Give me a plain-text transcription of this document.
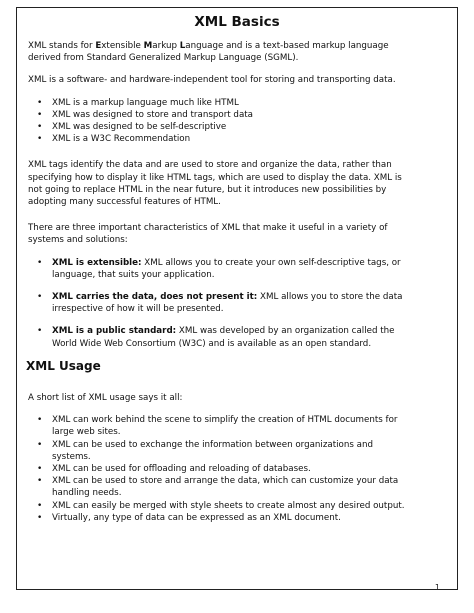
XML Basics

XML stands for Extensible Markup Language and is a text-based markup language derived from Standard Generalized Markup Language (SGML).

XML is a software- and hardware-independent tool for storing and transporting data.

• XML is a markup language much like HTML
• XML was designed to store and transport data
• XML was designed to be self-descriptive
• XML is a W3C Recommendation

XML tags identify the data and are used to store and organize the data, rather than specifying how to display it like HTML tags, which are used to display the data. XML is not going to replace HTML in the near future, but it introduces new possibilities by adopting many successful features of HTML.

There are three important characteristics of XML that make it useful in a variety of systems and solutions:

• XML is extensible: XML allows you to create your own self-descriptive tags, or language, that suits your application.
• XML carries the data, does not present it: XML allows you to store the data irrespective of how it will be presented.
• XML is a public standard: XML was developed by an organization called the World Wide Web Consortium (W3C) and is available as an open standard.
XML Usage

A short list of XML usage says it all:

• XML can work behind the scene to simplify the creation of HTML documents for large web sites.
• XML can be used to exchange the information between organizations and systems.
• XML can be used for offloading and reloading of databases.
• XML can be used to store and arrange the data, which can customize your data handling needs.
• XML can easily be merged with style sheets to create almost any desired output.
• Virtually, any type of data can be expressed as an XML document.
1
